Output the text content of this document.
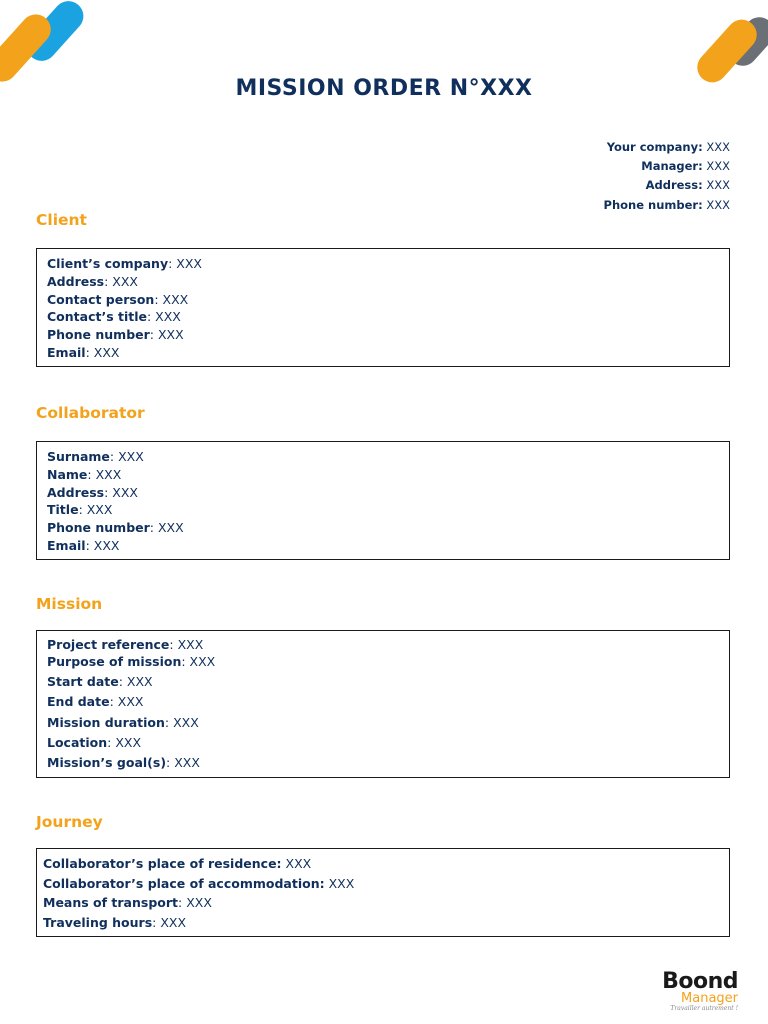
MISSION ORDER N°XXX
Your company: XXX
Manager: XXX
Address: XXX
Phone number: XXX
Client
Client’s company: XXX
Address: XXX
Contact person: XXX
Contact’s title: XXX
Phone number: XXX
Email: XXX
Collaborator
Surname: XXX
Name: XXX
Address: XXX
Title: XXX
Phone number: XXX
Email: XXX
Mission
Project reference: XXX
Purpose of mission: XXX
Start date: XXX
End date: XXX
Mission duration: XXX
Location: XXX
Mission’s goal(s): XXX
Journey
Collaborator’s place of residence: XXX
Collaborator’s place of accommodation: XXX
Means of transport: XXX
Traveling hours: XXX
Boond
Manager
Travailler autrement !
